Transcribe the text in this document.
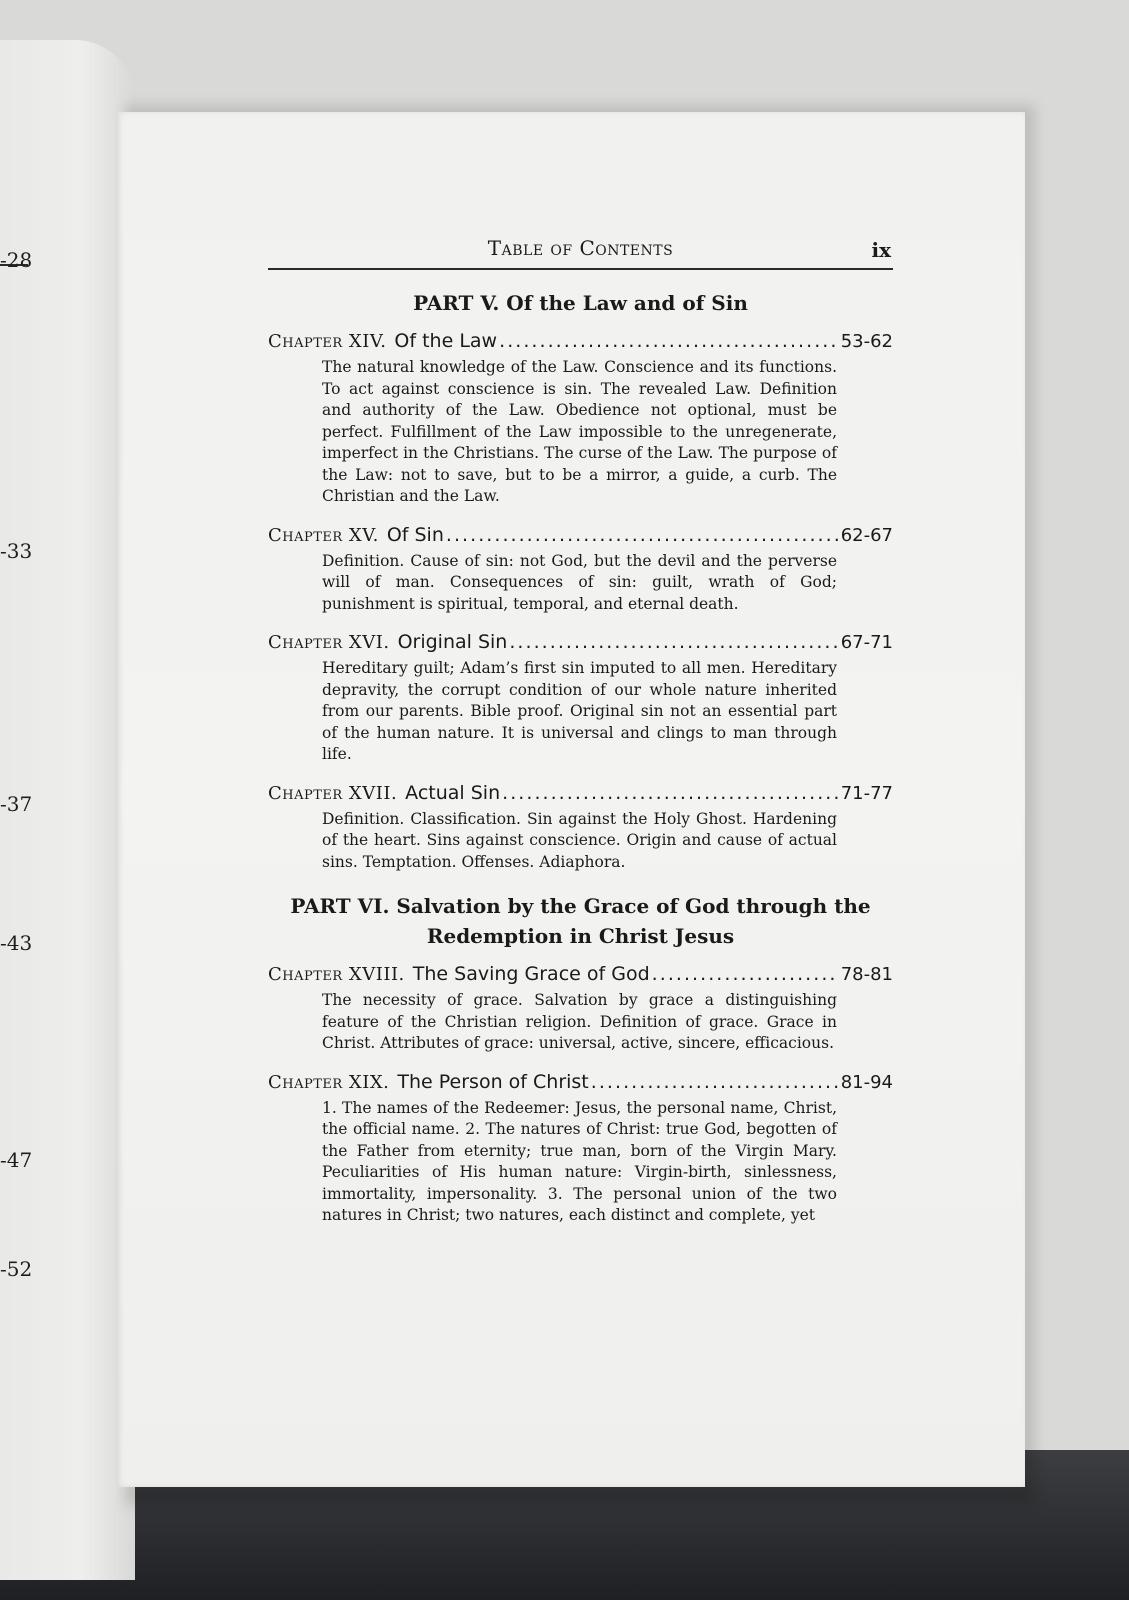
-28
-33
-37
-43
-47
-52
Table of Contents	ix
PART V. Of the Law and of Sin
Chapter XIV. Of the Law . . .	53-62
The natural knowledge of the Law. Conscience and its functions. To act against conscience is sin. The revealed Law. Definition and authority of the Law. Obedience not optional, must be perfect. Fulfillment of the Law impossible to the unregenerate, imperfect in the Christians. The curse of the Law. The purpose of the Law: not to save, but to be a mirror, a guide, a curb. The Christian and the Law.
Chapter XV. Of Sin . . .	62-67
Definition. Cause of sin: not God, but the devil and the perverse will of man. Consequences of sin: guilt, wrath of God; punishment is spiritual, temporal, and eternal death.
Chapter XVI. Original Sin . . .	67-71
Hereditary guilt; Adam’s first sin imputed to all men. Hereditary depravity, the corrupt condition of our whole nature inherited from our parents. Bible proof. Original sin not an essential part of the human nature. It is universal and clings to man through life.
Chapter XVII. Actual Sin . . .	71-77
Definition. Classification. Sin against the Holy Ghost. Hardening of the heart. Sins against conscience. Origin and cause of actual sins. Temptation. Offenses. Adiaphora.
PART VI. Salvation by the Grace of God through the Redemption in Christ Jesus
Chapter XVIII. The Saving Grace of God . . .	78-81
The necessity of grace. Salvation by grace a distinguishing feature of the Christian religion. Definition of grace. Grace in Christ. Attributes of grace: universal, active, sincere, efficacious.
Chapter XIX. The Person of Christ . . .	81-94
1. The names of the Redeemer: Jesus, the personal name, Christ, the official name. 2. The natures of Christ: true God, begotten of the Father from eternity; true man, born of the Virgin Mary. Peculiarities of His human nature: Virgin-birth, sinlessness, immortality, impersonality. 3. The personal union of the two natures in Christ; two natures, each distinct and complete, yet
